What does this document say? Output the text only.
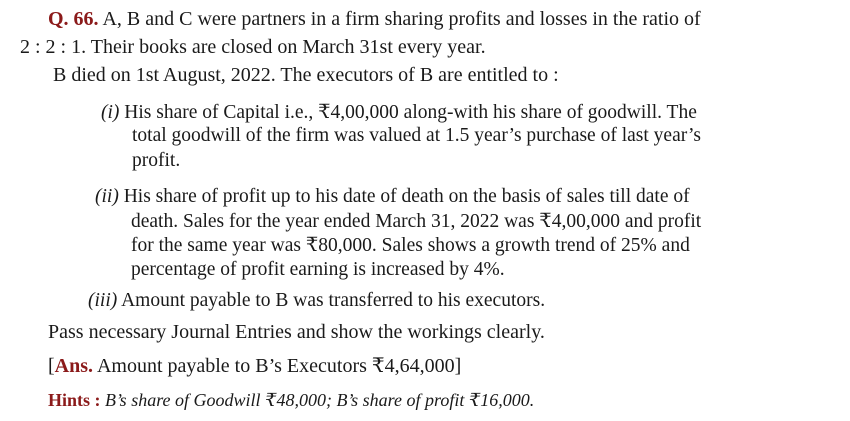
Q. 66. A, B and C were partners in a firm sharing profits and losses in the ratio of
2 : 2 : 1. Their books are closed on March 31st every year.
B died on 1st August, 2022. The executors of B are entitled to :
(i) His share of Capital i.e., ₹4,00,000 along-with his share of goodwill. The
total goodwill of the firm was valued at 1.5 year’s purchase of last year’s
profit.
(ii) His share of profit up to his date of death on the basis of sales till date of
death. Sales for the year ended March 31, 2022 was ₹4,00,000 and profit
for the same year was ₹80,000. Sales shows a growth trend of 25% and
percentage of profit earning is increased by 4%.
(iii) Amount payable to B was transferred to his executors.
Pass necessary Journal Entries and show the workings clearly.
[Ans. Amount payable to B’s Executors ₹4,64,000]
Hints : B’s share of Goodwill ₹48,000; B’s share of profit ₹16,000.
